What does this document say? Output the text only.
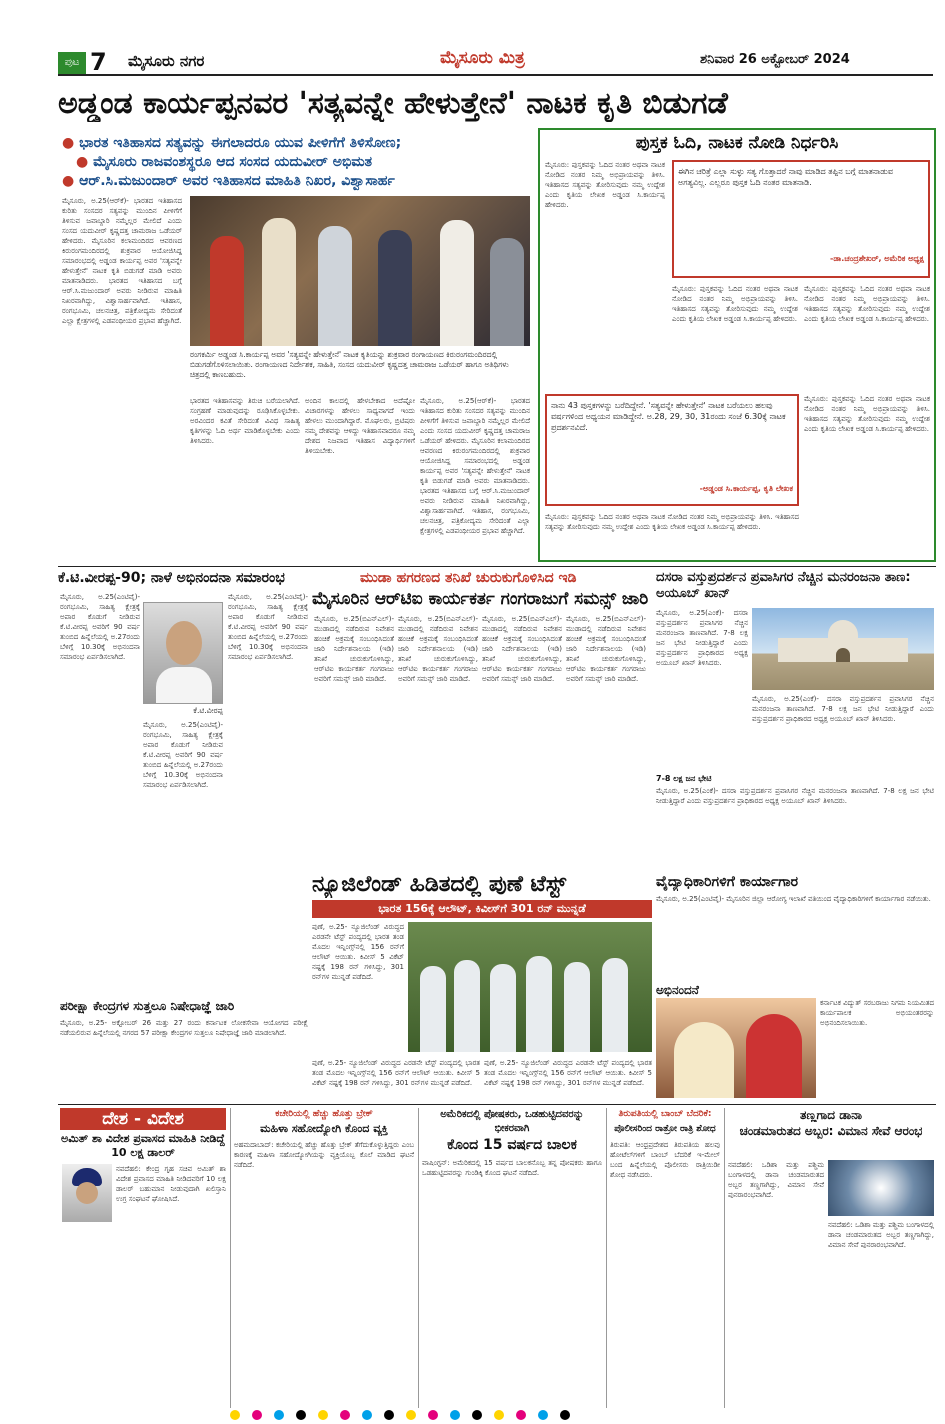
ಪುಟ 7 ಮೈಸೂರು ನಗರ	ಮೈಸೂರು ಮಿತ್ರ	ಶನಿವಾರ 26 ಅಕ್ಟೋಬರ್ 2024
ಅಡ್ಡಂಡ ಕಾರ್ಯಪ್ಪನವರ 'ಸತ್ಯವನ್ನೇ ಹೇಳುತ್ತೇನೆ' ನಾಟಕ ಕೃತಿ ಬಿಡುಗಡೆ
● ಭಾರತ ಇತಿಹಾಸದ ಸತ್ಯವನ್ನು ಈಗಲಾದರೂ ಯುವ ಪೀಳಿಗೆಗೆ ತಿಳಿಸೋಣ;
● ಮೈಸೂರು ರಾಜವಂಶಸ್ಥರೂ ಆದ ಸಂಸದ ಯದುವೀರ್ ಅಭಿಮತ
● ಆರ್.ಸಿ.ಮಜುಂದಾರ್ ಅವರ ಇತಿಹಾಸದ ಮಾಹಿತಿ ನಿಖರ, ವಿಶ್ವಾಸಾರ್ಹ
ಮೈಸೂರು, ಅ.25(ಆರ್‌ಕೆ)- ಭಾರತದ ಇತಿಹಾಸದ ಕುರಿತು ಸಂಸದರ ಸತ್ಯವನ್ನು ಮುಂದಿನ ಪೀಳಿಗೆಗೆ ತಿಳಿಸುವ ಜವಾಬ್ದಾರಿ ನಮ್ಮೆಲ್ಲರ ಮೇಲಿದೆ ಎಂದು ಸಂಸದ ಯದುವೀರ್ ಕೃಷ್ಣದತ್ತ ಚಾಮರಾಜ ಒಡೆಯರ್ ಹೇಳಿದರು. ಮೈಸೂರಿನ ಕಲಾಮಂದಿರದ ಆವರಣದ ಕಿರುರಂಗಮಂದಿರದಲ್ಲಿ ಶುಕ್ರವಾರ ಆಯೋಜಿಸಿದ್ದ ಸಮಾರಂಭದಲ್ಲಿ ಅಡ್ಡಂಡ ಕಾರ್ಯಪ್ಪ ಅವರ 'ಸತ್ಯವನ್ನೇ ಹೇಳುತ್ತೇನೆ' ನಾಟಕ ಕೃತಿ ಬಿಡುಗಡೆ ಮಾಡಿ ಅವರು ಮಾತನಾಡಿದರು. ಭಾರತದ ಇತಿಹಾಸದ ಬಗ್ಗೆ ಆರ್.ಸಿ.ಮಜುಂದಾರ್ ಅವರು ನೀಡಿರುವ ಮಾಹಿತಿ ನಿಖರವಾಗಿದ್ದು, ವಿಶ್ವಾಸಾರ್ಹವಾಗಿದೆ. ಇತಿಹಾಸ, ರಂಗಭೂಮಿ, ಚಲನಚಿತ್ರ, ಪತ್ರಿಕೋದ್ಯಮ ಸೇರಿದಂತೆ ಎಲ್ಲಾ ಕ್ಷೇತ್ರಗಳಲ್ಲಿ ಎಡಪಂಥೀಯರ ಪ್ರಭಾವ ಹೆಚ್ಚಾಗಿದೆ.
ರಂಗಕರ್ಮಿ ಅಡ್ಡಂಡ ಸಿ.ಕಾರ್ಯಪ್ಪ ಅವರ 'ಸತ್ಯವನ್ನೇ ಹೇಳುತ್ತೇನೆ' ನಾಟಕ ಕೃತಿಯನ್ನು ಶುಕ್ರವಾರ ರಂಗಾಯಣದ ಕಿರುರಂಗಮಂದಿರದಲ್ಲಿ ಬಿಡುಗಡೆಗೊಳಿಸಲಾಯಿತು. ರಂಗಾಯಣದ ನಿರ್ದೇಶಕ, ಸಾಹಿತಿ, ಸಂಸದ ಯದುವೀರ್ ಕೃಷ್ಣದತ್ತ ಚಾಮರಾಜ ಒಡೆಯರ್ ಹಾಗೂ ಅತಿಥಿಗಳು ಚಿತ್ರದಲ್ಲಿ ಕಾಣಬಹುದು.
ಭಾರತದ ಇತಿಹಾಸವನ್ನು ತಿರುಚಿ ಬರೆಯಲಾಗಿದೆ. ಸಂಗ್ರಹಣೆ ಮಾಡುವುದನ್ನು ರೂಢಿಸಿಕೊಳ್ಳಬೇಕು. ಅರವಿಂದರ ಕವಿತೆ ಸೇರಿದಂತೆ ವಿವಿಧ ಸಾಹಿತ್ಯ ಕೃತಿಗಳನ್ನು ಓದಿ ಅರ್ಥ ಮಾಡಿಕೊಳ್ಳಬೇಕು ಎಂದು ತಿಳಿಸಿದರು.
ಅಂದಿನ ಕಾಲದಲ್ಲಿ ಹೇಳಬೇಕಾದ ಅದೆಷ್ಟೋ ವಿಚಾರಗಳನ್ನು ಹೇಳಲು ಸಾಧ್ಯವಾಗದೆ ಇಂದು ಹೇಳಲು ಮುಂದಾಗಿದ್ದಾರೆ. ಮೊಘಲರು, ಬ್ರಿಟಿಷರು ನಮ್ಮ ದೇಶವನ್ನು ಆಳಿದ್ದು ಇತಿಹಾಸವಾದರೂ ನಮ್ಮ ದೇಶದ ನಿಜವಾದ ಇತಿಹಾಸ ವಿದ್ಯಾರ್ಥಿಗಳಿಗೆ ತಿಳಿಯಬೇಕು.
ಮೈಸೂರು, ಅ.25(ಆರ್‌ಕೆ)- ಭಾರತದ ಇತಿಹಾಸದ ಕುರಿತು ಸಂಸದರ ಸತ್ಯವನ್ನು ಮುಂದಿನ ಪೀಳಿಗೆಗೆ ತಿಳಿಸುವ ಜವಾಬ್ದಾರಿ ನಮ್ಮೆಲ್ಲರ ಮೇಲಿದೆ ಎಂದು ಸಂಸದ ಯದುವೀರ್ ಕೃಷ್ಣದತ್ತ ಚಾಮರಾಜ ಒಡೆಯರ್ ಹೇಳಿದರು. ಮೈಸೂರಿನ ಕಲಾಮಂದಿರದ ಆವರಣದ ಕಿರುರಂಗಮಂದಿರದಲ್ಲಿ ಶುಕ್ರವಾರ ಆಯೋಜಿಸಿದ್ದ ಸಮಾರಂಭದಲ್ಲಿ ಅಡ್ಡಂಡ ಕಾರ್ಯಪ್ಪ ಅವರ 'ಸತ್ಯವನ್ನೇ ಹೇಳುತ್ತೇನೆ' ನಾಟಕ ಕೃತಿ ಬಿಡುಗಡೆ ಮಾಡಿ ಅವರು ಮಾತನಾಡಿದರು. ಭಾರತದ ಇತಿಹಾಸದ ಬಗ್ಗೆ ಆರ್.ಸಿ.ಮಜುಂದಾರ್ ಅವರು ನೀಡಿರುವ ಮಾಹಿತಿ ನಿಖರವಾಗಿದ್ದು, ವಿಶ್ವಾಸಾರ್ಹವಾಗಿದೆ. ಇತಿಹಾಸ, ರಂಗಭೂಮಿ, ಚಲನಚಿತ್ರ, ಪತ್ರಿಕೋದ್ಯಮ ಸೇರಿದಂತೆ ಎಲ್ಲಾ ಕ್ಷೇತ್ರಗಳಲ್ಲಿ ಎಡಪಂಥೀಯರ ಪ್ರಭಾವ ಹೆಚ್ಚಾಗಿದೆ.
ಪುಸ್ತಕ ಓದಿ, ನಾಟಕ ನೋಡಿ ನಿರ್ಧರಿಸಿ
ಮೈಸೂರು: ಪುಸ್ತಕವನ್ನು ಓದಿದ ನಂತರ ಅಥವಾ ನಾಟಕ ನೋಡಿದ ನಂತರ ನಿಮ್ಮ ಅಭಿಪ್ರಾಯವನ್ನು ತಿಳಿಸಿ. ಇತಿಹಾಸದ ಸತ್ಯವನ್ನು ತೋರಿಸುವುದು ನಮ್ಮ ಉದ್ದೇಶ ಎಂದು ಕೃತಿಯ ಲೇಖಕ ಅಡ್ಡಂಡ ಸಿ.ಕಾರ್ಯಪ್ಪ ಹೇಳಿದರು.
ಈಗಿನ ಚರಿತ್ರೆ ಎಲ್ಲಾ ಸುಳ್ಳು ಸತ್ಯ ಗೊತ್ತಾದರೆ ನಾವು ಮಾಡಿದ ತಪ್ಪಿನ ಬಗ್ಗೆ ಮಾತನಾಡುವ ಅಗತ್ಯವಿಲ್ಲ. ಎಲ್ಲರೂ ಪುಸ್ತಕ ಓದಿ ನಂತರ ಮಾತನಾಡಿ.
-ಡಾ.ಚಂದ್ರಶೇಖರ್, ಅಮೆರಿಕ ಅಧ್ಯಕ್ಷ
ಮೈಸೂರು: ಪುಸ್ತಕವನ್ನು ಓದಿದ ನಂತರ ಅಥವಾ ನಾಟಕ ನೋಡಿದ ನಂತರ ನಿಮ್ಮ ಅಭಿಪ್ರಾಯವನ್ನು ತಿಳಿಸಿ. ಇತಿಹಾಸದ ಸತ್ಯವನ್ನು ತೋರಿಸುವುದು ನಮ್ಮ ಉದ್ದೇಶ ಎಂದು ಕೃತಿಯ ಲೇಖಕ ಅಡ್ಡಂಡ ಸಿ.ಕಾರ್ಯಪ್ಪ ಹೇಳಿದರು.
ಮೈಸೂರು: ಪುಸ್ತಕವನ್ನು ಓದಿದ ನಂತರ ಅಥವಾ ನಾಟಕ ನೋಡಿದ ನಂತರ ನಿಮ್ಮ ಅಭಿಪ್ರಾಯವನ್ನು ತಿಳಿಸಿ. ಇತಿಹಾಸದ ಸತ್ಯವನ್ನು ತೋರಿಸುವುದು ನಮ್ಮ ಉದ್ದೇಶ ಎಂದು ಕೃತಿಯ ಲೇಖಕ ಅಡ್ಡಂಡ ಸಿ.ಕಾರ್ಯಪ್ಪ ಹೇಳಿದರು.
ನಾನು 43 ಪುಸ್ತಕಗಳನ್ನು ಬರೆದಿದ್ದೇನೆ. 'ಸತ್ಯವನ್ನೇ ಹೇಳುತ್ತೇನೆ' ನಾಟಕ ಬರೆಯಲು ಹಲವು ವರ್ಷಗಳಿಂದ ಅಧ್ಯಯನ ಮಾಡಿದ್ದೇನೆ. ಅ.28, 29, 30, 31ರಂದು ಸಂಜೆ 6.30ಕ್ಕೆ ನಾಟಕ ಪ್ರದರ್ಶನವಿದೆ.
-ಅಡ್ಡಂಡ ಸಿ.ಕಾರ್ಯಪ್ಪ, ಕೃತಿ ಲೇಖಕ
ಮೈಸೂರು: ಪುಸ್ತಕವನ್ನು ಓದಿದ ನಂತರ ಅಥವಾ ನಾಟಕ ನೋಡಿದ ನಂತರ ನಿಮ್ಮ ಅಭಿಪ್ರಾಯವನ್ನು ತಿಳಿಸಿ. ಇತಿಹಾಸದ ಸತ್ಯವನ್ನು ತೋರಿಸುವುದು ನಮ್ಮ ಉದ್ದೇಶ ಎಂದು ಕೃತಿಯ ಲೇಖಕ ಅಡ್ಡಂಡ ಸಿ.ಕಾರ್ಯಪ್ಪ ಹೇಳಿದರು.
ಮೈಸೂರು: ಪುಸ್ತಕವನ್ನು ಓದಿದ ನಂತರ ಅಥವಾ ನಾಟಕ ನೋಡಿದ ನಂತರ ನಿಮ್ಮ ಅಭಿಪ್ರಾಯವನ್ನು ತಿಳಿಸಿ. ಇತಿಹಾಸದ ಸತ್ಯವನ್ನು ತೋರಿಸುವುದು ನಮ್ಮ ಉದ್ದೇಶ ಎಂದು ಕೃತಿಯ ಲೇಖಕ ಅಡ್ಡಂಡ ಸಿ.ಕಾರ್ಯಪ್ಪ ಹೇಳಿದರು.
ಕೆ.ಟಿ.ವೀರಪ್ಪ-90; ನಾಳೆ ಅಭಿನಂದನಾ ಸಮಾರಂಭ
ಮೈಸೂರು, ಅ.25(ಎಂಟಿವೈ)- ರಂಗಭೂಮಿ, ಸಾಹಿತ್ಯ ಕ್ಷೇತ್ರಕ್ಕೆ ಅಪಾರ ಕೊಡುಗೆ ನೀಡಿರುವ ಕೆ.ಟಿ.ವೀರಪ್ಪ ಅವರಿಗೆ 90 ವರ್ಷ ತುಂಬಿದ ಹಿನ್ನೆಲೆಯಲ್ಲಿ ಅ.27ರಂದು ಬೆಳಿಗ್ಗೆ 10.30ಕ್ಕೆ ಅಭಿನಂದನಾ ಸಮಾರಂಭ ಏರ್ಪಡಿಸಲಾಗಿದೆ.
ಕೆ.ಟಿ.ವೀರಪ್ಪ
ಮೈಸೂರು, ಅ.25(ಎಂಟಿವೈ)- ರಂಗಭೂಮಿ, ಸಾಹಿತ್ಯ ಕ್ಷೇತ್ರಕ್ಕೆ ಅಪಾರ ಕೊಡುಗೆ ನೀಡಿರುವ ಕೆ.ಟಿ.ವೀರಪ್ಪ ಅವರಿಗೆ 90 ವರ್ಷ ತುಂಬಿದ ಹಿನ್ನೆಲೆಯಲ್ಲಿ ಅ.27ರಂದು ಬೆಳಿಗ್ಗೆ 10.30ಕ್ಕೆ ಅಭಿನಂದನಾ ಸಮಾರಂಭ ಏರ್ಪಡಿಸಲಾಗಿದೆ.
ಮೈಸೂರು, ಅ.25(ಎಂಟಿವೈ)- ರಂಗಭೂಮಿ, ಸಾಹಿತ್ಯ ಕ್ಷೇತ್ರಕ್ಕೆ ಅಪಾರ ಕೊಡುಗೆ ನೀಡಿರುವ ಕೆ.ಟಿ.ವೀರಪ್ಪ ಅವರಿಗೆ 90 ವರ್ಷ ತುಂಬಿದ ಹಿನ್ನೆಲೆಯಲ್ಲಿ ಅ.27ರಂದು ಬೆಳಿಗ್ಗೆ 10.30ಕ್ಕೆ ಅಭಿನಂದನಾ ಸಮಾರಂಭ ಏರ್ಪಡಿಸಲಾಗಿದೆ.
ಮುಡಾ ಹಗರಣದ ತನಿಖೆ ಚುರುಕುಗೊಳಿಸಿದ ಇಡಿ
ಮೈಸೂರಿನ ಆರ್‌ಟಿಐ ಕಾರ್ಯಕರ್ತ ಗಂಗರಾಜುಗೆ ಸಮನ್ಸ್ ಜಾರಿ
ಮೈಸೂರು, ಅ.25(ಬಿಎನ್‌ಎಲ್)- ಮುಡಾದಲ್ಲಿ ನಡೆದಿರುವ ನಿವೇಶನ ಹಂಚಿಕೆ ಅಕ್ರಮಕ್ಕೆ ಸಂಬಂಧಿಸಿದಂತೆ ಜಾರಿ ನಿರ್ದೇಶನಾಲಯ (ಇಡಿ) ತನಿಖೆ ಚುರುಕುಗೊಳಿಸಿದ್ದು, ಆರ್‌ಟಿಐ ಕಾರ್ಯಕರ್ತ ಗಂಗರಾಜು ಅವರಿಗೆ ಸಮನ್ಸ್ ಜಾರಿ ಮಾಡಿದೆ.
ಮೈಸೂರು, ಅ.25(ಬಿಎನ್‌ಎಲ್)- ಮುಡಾದಲ್ಲಿ ನಡೆದಿರುವ ನಿವೇಶನ ಹಂಚಿಕೆ ಅಕ್ರಮಕ್ಕೆ ಸಂಬಂಧಿಸಿದಂತೆ ಜಾರಿ ನಿರ್ದೇಶನಾಲಯ (ಇಡಿ) ತನಿಖೆ ಚುರುಕುಗೊಳಿಸಿದ್ದು, ಆರ್‌ಟಿಐ ಕಾರ್ಯಕರ್ತ ಗಂಗರಾಜು ಅವರಿಗೆ ಸಮನ್ಸ್ ಜಾರಿ ಮಾಡಿದೆ.
ಮೈಸೂರು, ಅ.25(ಬಿಎನ್‌ಎಲ್)- ಮುಡಾದಲ್ಲಿ ನಡೆದಿರುವ ನಿವೇಶನ ಹಂಚಿಕೆ ಅಕ್ರಮಕ್ಕೆ ಸಂಬಂಧಿಸಿದಂತೆ ಜಾರಿ ನಿರ್ದೇಶನಾಲಯ (ಇಡಿ) ತನಿಖೆ ಚುರುಕುಗೊಳಿಸಿದ್ದು, ಆರ್‌ಟಿಐ ಕಾರ್ಯಕರ್ತ ಗಂಗರಾಜು ಅವರಿಗೆ ಸಮನ್ಸ್ ಜಾರಿ ಮಾಡಿದೆ.
ಮೈಸೂರು, ಅ.25(ಬಿಎನ್‌ಎಲ್)- ಮುಡಾದಲ್ಲಿ ನಡೆದಿರುವ ನಿವೇಶನ ಹಂಚಿಕೆ ಅಕ್ರಮಕ್ಕೆ ಸಂಬಂಧಿಸಿದಂತೆ ಜಾರಿ ನಿರ್ದೇಶನಾಲಯ (ಇಡಿ) ತನಿಖೆ ಚುರುಕುಗೊಳಿಸಿದ್ದು, ಆರ್‌ಟಿಐ ಕಾರ್ಯಕರ್ತ ಗಂಗರಾಜು ಅವರಿಗೆ ಸಮನ್ಸ್ ಜಾರಿ ಮಾಡಿದೆ.
ದಸರಾ ವಸ್ತುಪ್ರದರ್ಶನ ಪ್ರವಾಸಿಗರ ನೆಚ್ಚಿನ ಮನರಂಜನಾ ತಾಣ: ಅಯೂಬ್ ಖಾನ್
ಮೈಸೂರು, ಅ.25(ಎಂಕೆ)- ದಸರಾ ವಸ್ತುಪ್ರದರ್ಶನ ಪ್ರವಾಸಿಗರ ನೆಚ್ಚಿನ ಮನರಂಜನಾ ತಾಣವಾಗಿದೆ. 7-8 ಲಕ್ಷ ಜನ ಭೇಟಿ ನೀಡುತ್ತಿದ್ದಾರೆ ಎಂದು ವಸ್ತುಪ್ರದರ್ಶನ ಪ್ರಾಧಿಕಾರದ ಅಧ್ಯಕ್ಷ ಅಯೂಬ್ ಖಾನ್ ತಿಳಿಸಿದರು.
ಮೈಸೂರು, ಅ.25(ಎಂಕೆ)- ದಸರಾ ವಸ್ತುಪ್ರದರ್ಶನ ಪ್ರವಾಸಿಗರ ನೆಚ್ಚಿನ ಮನರಂಜನಾ ತಾಣವಾಗಿದೆ. 7-8 ಲಕ್ಷ ಜನ ಭೇಟಿ ನೀಡುತ್ತಿದ್ದಾರೆ ಎಂದು ವಸ್ತುಪ್ರದರ್ಶನ ಪ್ರಾಧಿಕಾರದ ಅಧ್ಯಕ್ಷ ಅಯೂಬ್ ಖಾನ್ ತಿಳಿಸಿದರು.
7-8 ಲಕ್ಷ ಜನ ಭೇಟಿ
ಮೈಸೂರು, ಅ.25(ಎಂಕೆ)- ದಸರಾ ವಸ್ತುಪ್ರದರ್ಶನ ಪ್ರವಾಸಿಗರ ನೆಚ್ಚಿನ ಮನರಂಜನಾ ತಾಣವಾಗಿದೆ. 7-8 ಲಕ್ಷ ಜನ ಭೇಟಿ ನೀಡುತ್ತಿದ್ದಾರೆ ಎಂದು ವಸ್ತುಪ್ರದರ್ಶನ ಪ್ರಾಧಿಕಾರದ ಅಧ್ಯಕ್ಷ ಅಯೂಬ್ ಖಾನ್ ತಿಳಿಸಿದರು.
ನ್ಯೂಜಿಲೆಂಡ್ ಹಿಡಿತದಲ್ಲಿ ಪುಣೆ ಟೆಸ್ಟ್
ಭಾರತ 156ಕ್ಕೆ ಆಲೌಟ್, ಕಿವೀಸ್‌ಗೆ 301 ರನ್ ಮುನ್ನಡೆ
ಪುಣೆ, ಅ.25- ನ್ಯೂಜಿಲೆಂಡ್ ವಿರುದ್ಧದ ಎರಡನೇ ಟೆಸ್ಟ್ ಪಂದ್ಯದಲ್ಲಿ ಭಾರತ ತಂಡ ಮೊದಲ ಇನ್ನಿಂಗ್ಸ್‌ನಲ್ಲಿ 156 ರನ್‌ಗೆ ಆಲೌಟ್ ಆಯಿತು. ಕಿವೀಸ್ 5 ವಿಕೆಟ್ ನಷ್ಟಕ್ಕೆ 198 ರನ್ ಗಳಿಸಿದ್ದು, 301 ರನ್‌ಗಳ ಮುನ್ನಡೆ ಪಡೆದಿದೆ.
ಪುಣೆ, ಅ.25- ನ್ಯೂಜಿಲೆಂಡ್ ವಿರುದ್ಧದ ಎರಡನೇ ಟೆಸ್ಟ್ ಪಂದ್ಯದಲ್ಲಿ ಭಾರತ ತಂಡ ಮೊದಲ ಇನ್ನಿಂಗ್ಸ್‌ನಲ್ಲಿ 156 ರನ್‌ಗೆ ಆಲೌಟ್ ಆಯಿತು. ಕಿವೀಸ್ 5 ವಿಕೆಟ್ ನಷ್ಟಕ್ಕೆ 198 ರನ್ ಗಳಿಸಿದ್ದು, 301 ರನ್‌ಗಳ ಮುನ್ನಡೆ ಪಡೆದಿದೆ.
ಪುಣೆ, ಅ.25- ನ್ಯೂಜಿಲೆಂಡ್ ವಿರುದ್ಧದ ಎರಡನೇ ಟೆಸ್ಟ್ ಪಂದ್ಯದಲ್ಲಿ ಭಾರತ ತಂಡ ಮೊದಲ ಇನ್ನಿಂಗ್ಸ್‌ನಲ್ಲಿ 156 ರನ್‌ಗೆ ಆಲೌಟ್ ಆಯಿತು. ಕಿವೀಸ್ 5 ವಿಕೆಟ್ ನಷ್ಟಕ್ಕೆ 198 ರನ್ ಗಳಿಸಿದ್ದು, 301 ರನ್‌ಗಳ ಮುನ್ನಡೆ ಪಡೆದಿದೆ.
ಪರೀಕ್ಷಾ ಕೇಂದ್ರಗಳ ಸುತ್ತಲೂ ನಿಷೇಧಾಜ್ಞೆ ಜಾರಿ
ಮೈಸೂರು, ಅ.25- ಅಕ್ಟೋಬರ್ 26 ಮತ್ತು 27 ರಂದು ಕರ್ನಾಟಕ ಲೋಕಸೇವಾ ಆಯೋಗದ ಪರೀಕ್ಷೆ ನಡೆಯಲಿರುವ ಹಿನ್ನೆಲೆಯಲ್ಲಿ ನಗರದ 57 ಪರೀಕ್ಷಾ ಕೇಂದ್ರಗಳ ಸುತ್ತಲೂ ನಿಷೇಧಾಜ್ಞೆ ಜಾರಿ ಮಾಡಲಾಗಿದೆ.
ವೈದ್ಯಾಧಿಕಾರಿಗಳಿಗೆ ಕಾರ್ಯಾಗಾರ
ಮೈಸೂರು, ಅ.25(ಎಂಟಿವೈ)- ಮೈಸೂರಿನ ಜಿಲ್ಲಾ ಆರೋಗ್ಯ ಇಲಾಖೆ ವತಿಯಿಂದ ವೈದ್ಯಾಧಿಕಾರಿಗಳಿಗೆ ಕಾರ್ಯಾಗಾರ ನಡೆಯಿತು.
ಅಭಿನಂದನೆ
ಕರ್ನಾಟಕ ವಿದ್ಯುತ್ ಸರಬರಾಜು ನಿಗಮ ನಿಯಮಿತದ ಕಾರ್ಯಪಾಲಕ ಅಭಿಯಂತರರನ್ನು ಅಭಿನಂದಿಸಲಾಯಿತು.
ದೇಶ - ವಿದೇಶ
ಅಮಿತ್ ಶಾ ವಿದೇಶ ಪ್ರವಾಸದ ಮಾಹಿತಿ ನೀಡಿದ್ದೆ 10 ಲಕ್ಷ ಡಾಲರ್
ನವದೆಹಲಿ: ಕೇಂದ್ರ ಗೃಹ ಸಚಿವ ಅಮಿತ್ ಶಾ ವಿದೇಶ ಪ್ರವಾಸದ ಮಾಹಿತಿ ನೀಡಿದವರಿಗೆ 10 ಲಕ್ಷ ಡಾಲರ್ ಬಹುಮಾನ ನೀಡುವುದಾಗಿ ಖಲಿಸ್ತಾನಿ ಉಗ್ರ ಸಂಘಟನೆ ಘೋಷಿಸಿದೆ.
ಕಚೇರಿಯಲ್ಲಿ ಹೆಚ್ಚು ಹೊತ್ತು ಬ್ರೇಕ್
ಮಹಿಳಾ ಸಹೋದ್ಯೋಗಿ ಕೊಂದ ವ್ಯಕ್ತಿ
ಅಹಮದಾಬಾದ್: ಕಚೇರಿಯಲ್ಲಿ ಹೆಚ್ಚು ಹೊತ್ತು ಬ್ರೇಕ್ ತೆಗೆದುಕೊಳ್ಳುತ್ತಿದ್ದರು ಎಂಬ ಕಾರಣಕ್ಕೆ ಮಹಿಳಾ ಸಹೋದ್ಯೋಗಿಯನ್ನು ವ್ಯಕ್ತಿಯೊಬ್ಬ ಕೊಲೆ ಮಾಡಿದ ಘಟನೆ ನಡೆದಿದೆ.
ಅಮೆರಿಕದಲ್ಲಿ ಪೋಷಕರು, ಒಡಹುಟ್ಟಿದವರನ್ನು ಭೀಕರವಾಗಿ
ಕೊಂದ 15 ವರ್ಷದ ಬಾಲಕ
ವಾಷಿಂಗ್ಟನ್: ಅಮೆರಿಕದಲ್ಲಿ 15 ವರ್ಷದ ಬಾಲಕನೊಬ್ಬ ತನ್ನ ಪೋಷಕರು ಹಾಗೂ ಒಡಹುಟ್ಟಿದವರನ್ನು ಗುಂಡಿಕ್ಕಿ ಕೊಂದ ಘಟನೆ ನಡೆದಿದೆ.
ತಿರುಪತಿಯಲ್ಲಿ ಬಾಂಬ್ ಬೆದರಿಕೆ:
ಪೊಲೀಸರಿಂದ ರಾತ್ರೋ ರಾತ್ರಿ ಶೋಧ
ತಿರುಪತಿ: ಆಂಧ್ರಪ್ರದೇಶದ ತಿರುಪತಿಯ ಹಲವು ಹೋಟೆಲ್‌ಗಳಿಗೆ ಬಾಂಬ್ ಬೆದರಿಕೆ ಇ-ಮೇಲ್ ಬಂದ ಹಿನ್ನೆಲೆಯಲ್ಲಿ ಪೊಲೀಸರು ರಾತ್ರಿಯಿಡೀ ಶೋಧ ನಡೆಸಿದರು.
ತಣ್ಣಗಾದ ಡಾನಾ
ಚಂಡಮಾರುತದ ಅಬ್ಬರ: ವಿಮಾನ ಸೇವೆ ಆರಂಭ
ನವದೆಹಲಿ: ಒಡಿಶಾ ಮತ್ತು ಪಶ್ಚಿಮ ಬಂಗಾಳದಲ್ಲಿ ಡಾನಾ ಚಂಡಮಾರುತದ ಅಬ್ಬರ ತಣ್ಣಗಾಗಿದ್ದು, ವಿಮಾನ ಸೇವೆ ಪುನರಾರಂಭವಾಗಿದೆ.
ನವದೆಹಲಿ: ಒಡಿಶಾ ಮತ್ತು ಪಶ್ಚಿಮ ಬಂಗಾಳದಲ್ಲಿ ಡಾನಾ ಚಂಡಮಾರುತದ ಅಬ್ಬರ ತಣ್ಣಗಾಗಿದ್ದು, ವಿಮಾನ ಸೇವೆ ಪುನರಾರಂಭವಾಗಿದೆ.
